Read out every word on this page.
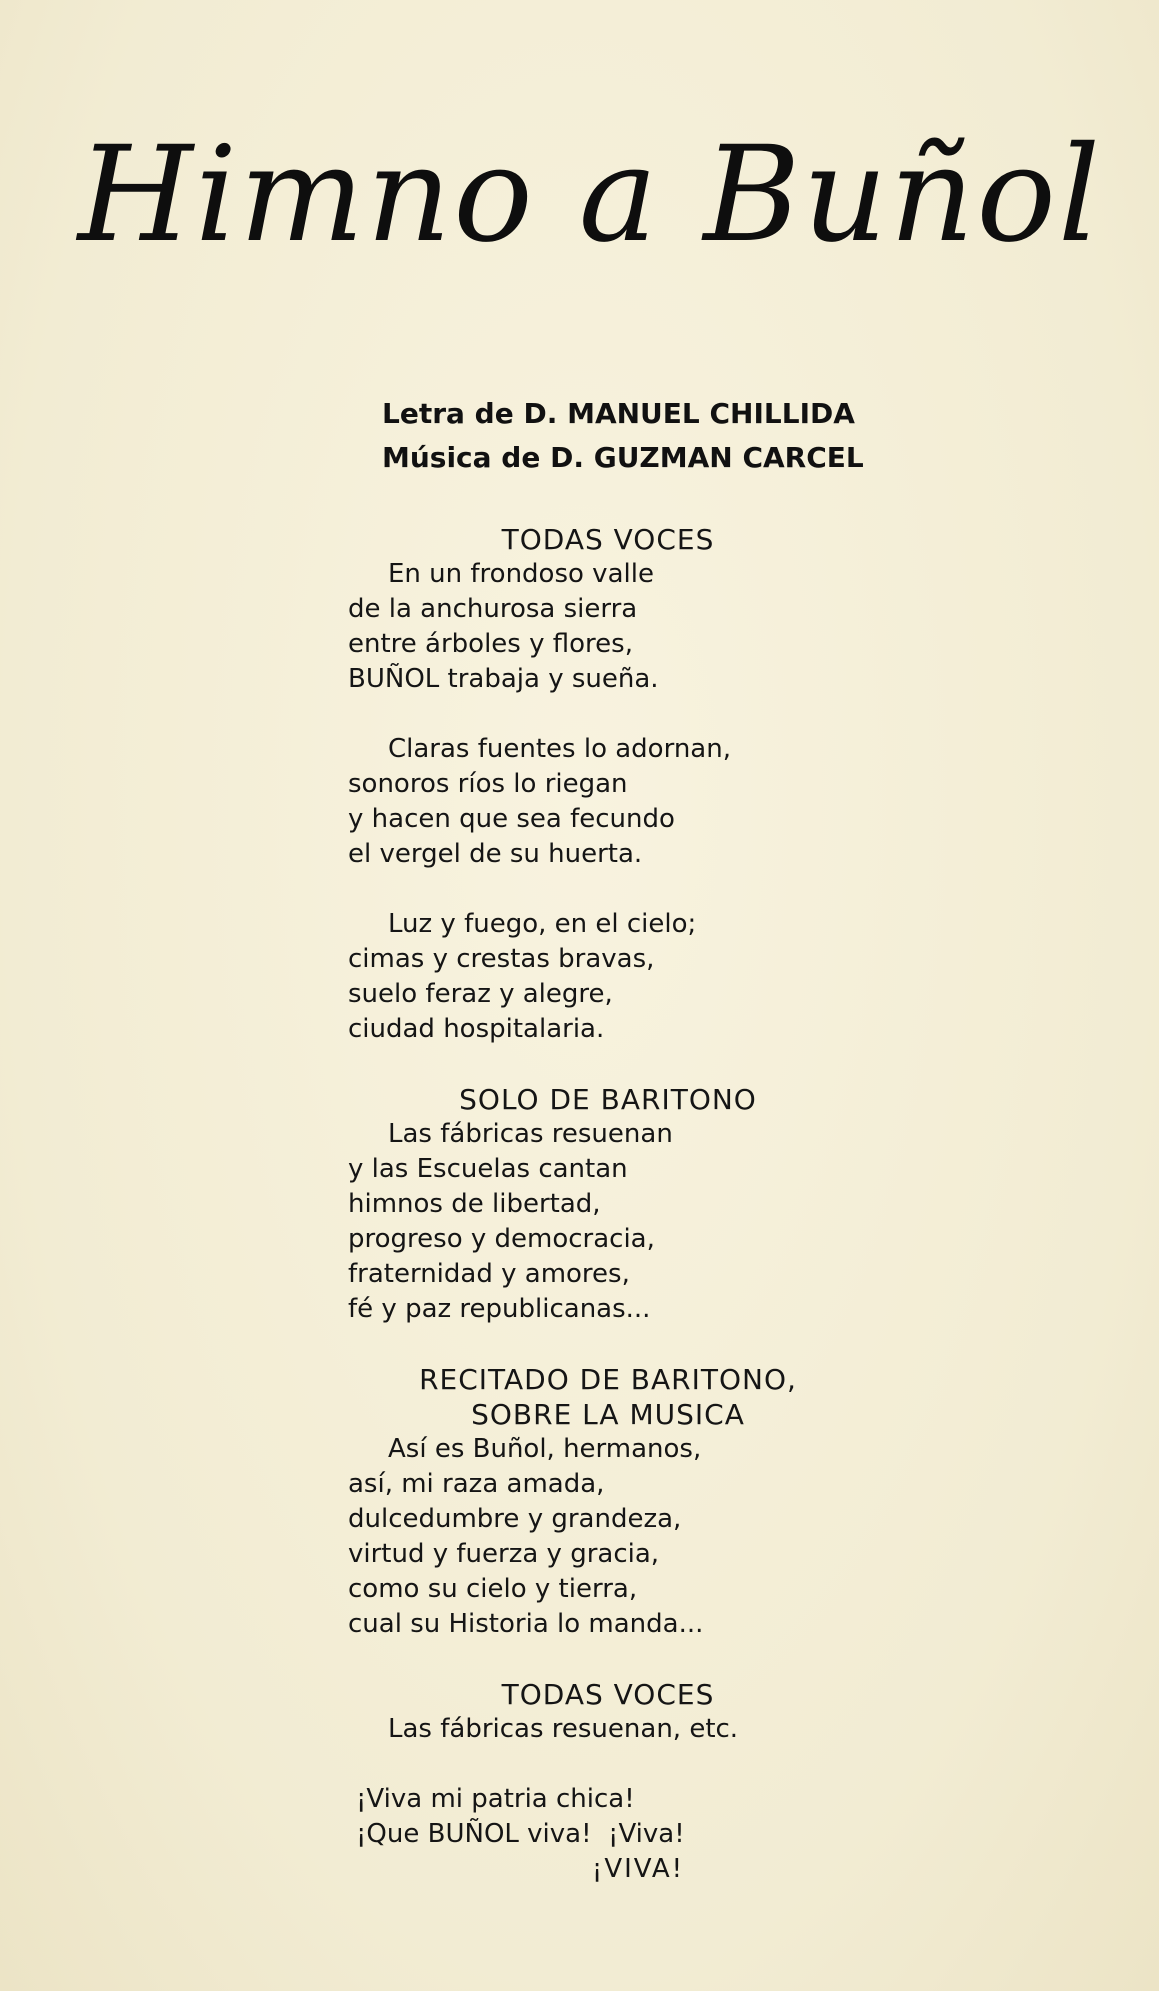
Himno a Buñol
Letra de D. MANUEL CHILLIDA
Música de D. GUZMAN CARCEL
TODAS VOCES
En un frondoso valle
de la anchurosa sierra
entre árboles y flores,
BUÑOL trabaja y sueña.
Claras fuentes lo adornan,
sonoros ríos lo riegan
y hacen que sea fecundo
el vergel de su huerta.
Luz y fuego, en el cielo;
cimas y crestas bravas,
suelo feraz y alegre,
ciudad hospitalaria.
SOLO DE BARITONO
Las fábricas resuenan
y las Escuelas cantan
himnos de libertad,
progreso y democracia,
fraternidad y amores,
fé y paz republicanas...
RECITADO DE BARITONO,
SOBRE LA MUSICA
Así es Buñol, hermanos,
así, mi raza amada,
dulcedumbre y grandeza,
virtud y fuerza y gracia,
como su cielo y tierra,
cual su Historia lo manda...
TODAS VOCES
Las fábricas resuenan, etc.
¡Viva mi patria chica!
¡Que BUÑOL viva!  ¡Viva!
¡VIVA!
